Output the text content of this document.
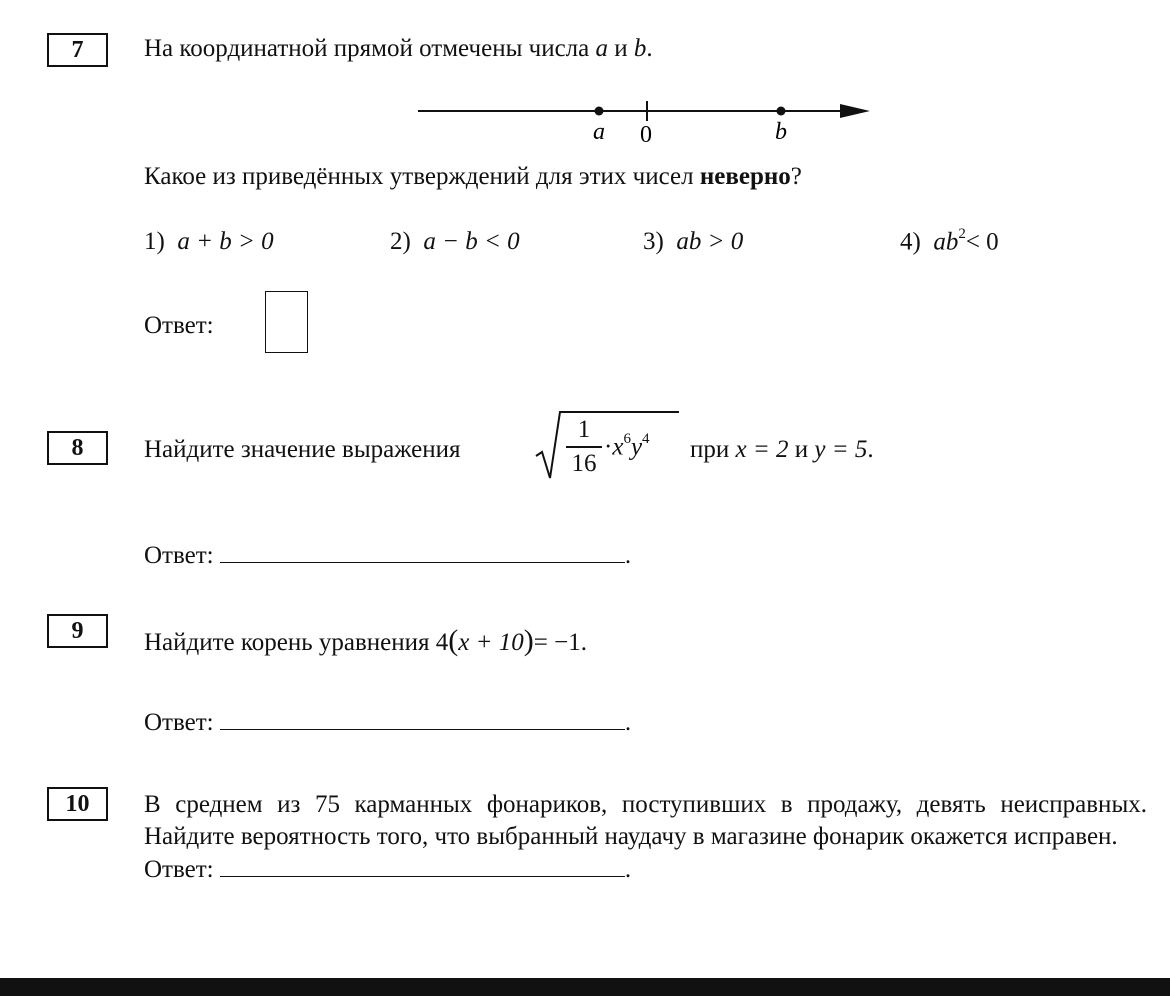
7 На координатной прямой отмечены числа a и b.
a 0	b
Какое из приведённых утверждений для этих чисел неверно?
1) a + b > 0	2) a − b < 0	3) ab > 0	4) $ab^2< 0$
Ответ:
8 Найдите значение выражения
1
16
$\cdot x^6y^4$ при x = 2 и y = 5.
Ответ:	.
9 Найдите корень уравнения 4(x + 10)= −1.
Ответ:	.
10 В среднем из 75 карманных фонариков, поступивших в продажу, девять неисправных. Найдите вероятность того, что выбранный наудачу в магазине фонарик окажется исправен.
Ответ:	.
